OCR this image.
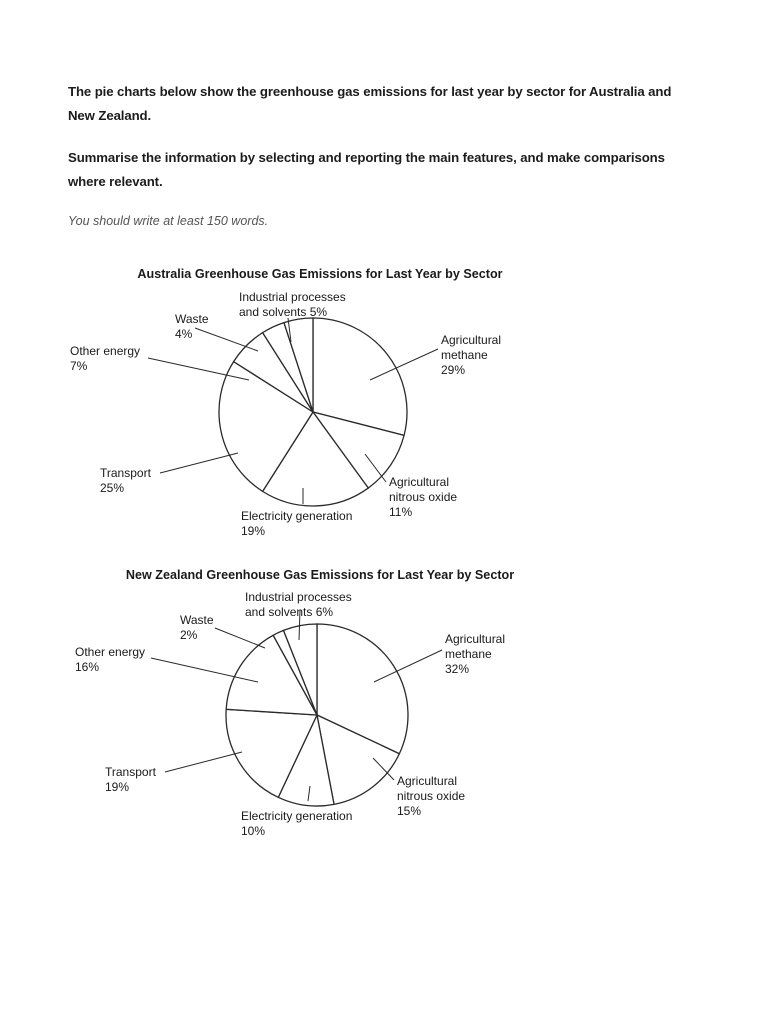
The pie charts below show the greenhouse gas emissions for last year by sector for Australia and New Zealand.
Summarise the information by selecting and reporting the main features, and make comparisons where relevant.
You should write at least 150 words.
Australia Greenhouse Gas Emissions for Last Year by Sector
Agricultural methane 29%
Agricultural nitrous oxide 11%
Electricity generation 19%
Transport 25%
Other energy 7%
Waste 4%
Industrial processes and solvents 5%
New Zealand Greenhouse Gas Emissions for Last Year by Sector
Agricultural methane 32%
Agricultural nitrous oxide 15%
Electricity generation 10%
Transport 19%
Other energy 16%
Waste 2%
Industrial processes and solvents 6%
